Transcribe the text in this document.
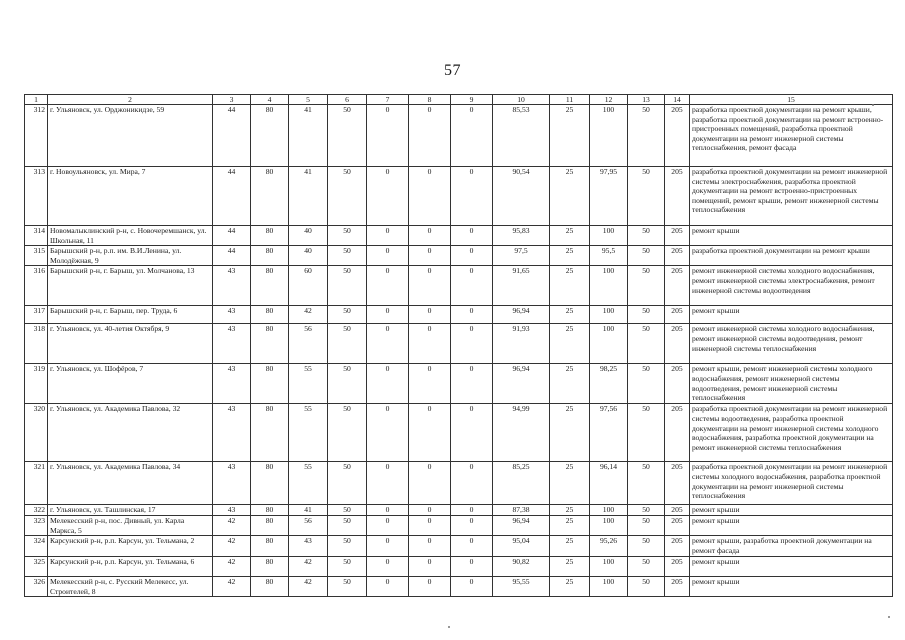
57
1	2	3	4	5	6	7	8	9	10	11	12	13	14	15
312	г. Ульяновск, ул. Орджоникидзе, 59	44	80	41	50	0	0	0	85,53	25	100	50	205	разработка проектной документации на ремонт крыши, разработка проектной документации на ремонт встроенно-пристроенных помещений, разработка проектной документации на ремонт инженерной системы теплоснабжения, ремонт фасада
313	г. Новоульяновск, ул. Мира, 7	44	80	41	50	0	0	0	90,54	25	97,95	50	205	разработка проектной документации на ремонт инженерной системы электроснабжения, разработка проектной документации на ремонт встроенно-пристроенных помещений, ремонт крыши, ремонт инженерной системы теплоснабжения
314	Новомалыклинский р-н, с. Новочеремшанск, ул. Школьная, 11	44	80	40	50	0	0	0	95,83	25	100	50	205	ремонт крыши
315	Барышский р-н, р.п. им. В.И.Ленина, ул. Молодёжная, 9	44	80	40	50	0	0	0	97,5	25	95,5	50	205	разработка проектной документации на ремонт крыши
316	Барышский р-н, г. Барыш, ул. Молчанова, 13	43	80	60	50	0	0	0	91,65	25	100	50	205	ремонт инженерной системы холодного водоснабжения, ремонт инженерной системы электроснабжения, ремонт инженерной системы водоотведения
317	Барышский р-н, г. Барыш, пер. Труда, 6	43	80	42	50	0	0	0	96,94	25	100	50	205	ремонт крыши
318	г. Ульяновск, ул. 40-летия Октября, 9	43	80	56	50	0	0	0	91,93	25	100	50	205	ремонт инженерной системы холодного водоснабжения, ремонт инженерной системы водоотведения, ремонт инженерной системы теплоснабжения
319	г. Ульяновск, ул. Шофёров, 7	43	80	55	50	0	0	0	96,94	25	98,25	50	205	ремонт крыши, ремонт инженерной системы холодного водоснабжения, ремонт инженерной системы водоотведения, ремонт инженерной системы теплоснабжения
320	г. Ульяновск, ул. Академика Павлова, 32	43	80	55	50	0	0	0	94,99	25	97,56	50	205	разработка проектной документации на ремонт инженерной системы водоотведения, разработка проектной документации на ремонт инженерной системы холодного водоснабжения, разработка проектной документации на ремонт инженерной системы теплоснабжения
321	г. Ульяновск, ул. Академика Павлова, 34	43	80	55	50	0	0	0	85,25	25	96,14	50	205	разработка проектной документации на ремонт инженерной системы холодного водоснабжения, разработка проектной документации на ремонт инженерной системы теплоснабжения
322	г. Ульяновск, ул. Ташлинская, 17	43	80	41	50	0	0	0	87,38	25	100	50	205	ремонт крыши
323	Мелекесский р-н, пос. Дивный, ул. Карла Маркса, 5	42	80	56	50	0	0	0	96,94	25	100	50	205	ремонт крыши
324	Карсунский р-н, р.п. Карсун, ул. Тельмана, 2	42	80	43	50	0	0	0	95,04	25	95,26	50	205	ремонт крыши, разработка проектной документации на ремонт фасада
325	Карсунский р-н, р.п. Карсун, ул. Тельмана, 6	42	80	42	50	0	0	0	90,82	25	100	50	205	ремонт крыши
326	Мелекесский р-н, с. Русский Мелекесс, ул. Строителей, 8	42	80	42	50	0	0	0	95,55	25	100	50	205	ремонт крыши
